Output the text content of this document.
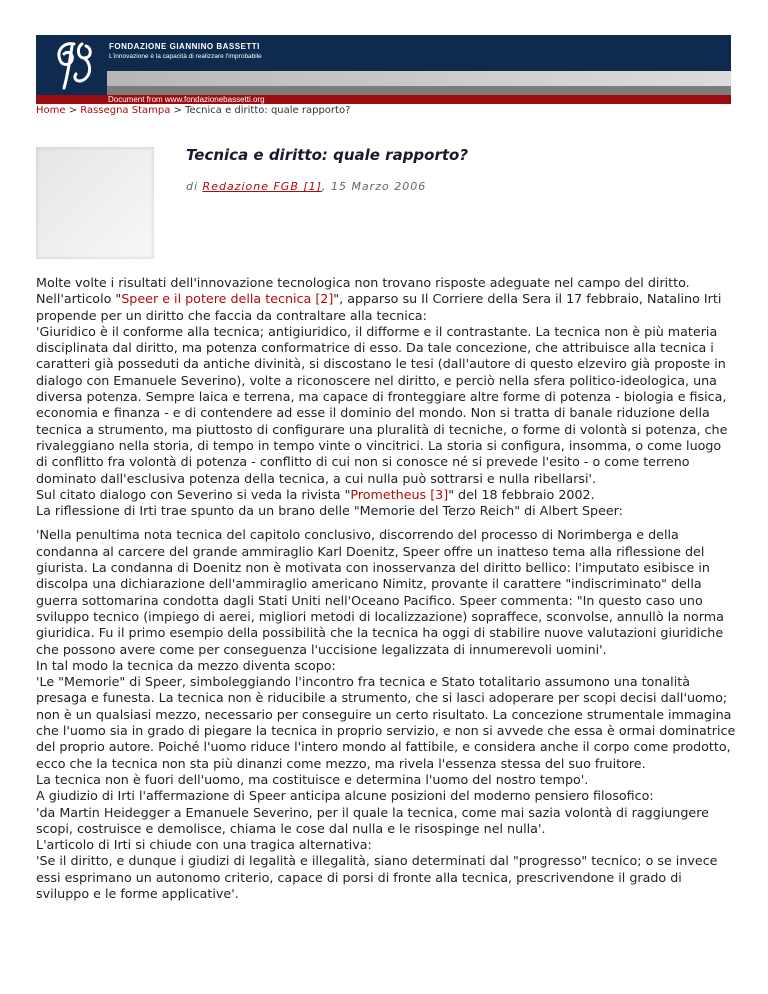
FONDAZIONE GIANNINO BASSETTI
L'innovazione è la capacità di realizzare l'improbabile
Document from www.fondazionebassetti.org
Home > Rassegna Stampa > Tecnica e diritto: quale rapporto?
Tecnica e diritto: quale rapporto?
di Redazione FGB [1], 15 Marzo 2006

Molte volte i risultati dell'innovazione tecnologica non trovano risposte adeguate nel campo del diritto. Nell'articolo "Speer e il potere della tecnica [2]", apparso su Il Corriere della Sera il 17 febbraio, Natalino Irti propende per un diritto che faccia da contraltare alla tecnica:
'Giuridico è il conforme alla tecnica; antigiuridico, il difforme e il contrastante. La tecnica non è più materia disciplinata dal diritto, ma potenza conformatrice di esso. Da tale concezione, che attribuisce alla tecnica i caratteri già posseduti da antiche divinità, si discostano le tesi (dall'autore di questo elzeviro già proposte in dialogo con Emanuele Severino), volte a riconoscere nel diritto, e perciò nella sfera politico-ideologica, una diversa potenza. Sempre laica e terrena, ma capace di fronteggiare altre forme di potenza - biologia e fisica, economia e finanza - e di contendere ad esse il dominio del mondo. Non si tratta di banale riduzione della tecnica a strumento, ma piuttosto di configurare una pluralità di tecniche, o forme di volontà si potenza, che rivaleggiano nella storia, di tempo in tempo vinte o vincitrici. La storia si configura, insomma, o come luogo di conflitto fra volontà di potenza - conflitto di cui non si conosce né si prevede l'esito - o come terreno dominato dall'esclusiva potenza della tecnica, a cui nulla può sottrarsi e nulla ribellarsi'.
Sul citato dialogo con Severino si veda la rivista "Prometheus [3]" del 18 febbraio 2002.
La riflessione di Irti trae spunto da un brano delle "Memorie del Terzo Reich" di Albert Speer:

'Nella penultima nota tecnica del capitolo conclusivo, discorrendo del processo di Norimberga e della condanna al carcere del grande ammiraglio Karl Doenitz, Speer offre un inatteso tema alla riflessione del giurista. La condanna di Doenitz non è motivata con inosservanza del diritto bellico: l'imputato esibisce in discolpa una dichiarazione dell'ammiraglio americano Nimitz, provante il carattere "indiscriminato" della guerra sottomarina condotta dagli Stati Uniti nell'Oceano Pacifico. Speer commenta: "In questo caso uno sviluppo tecnico (impiego di aerei, migliori metodi di localizzazione) sopraffece, sconvolse, annullò la norma giuridica. Fu il primo esempio della possibilità che la tecnica ha oggi di stabilire nuove valutazioni giuridiche che possono avere come per conseguenza l'uccisione legalizzata di innumerevoli uomini'.
In tal modo la tecnica da mezzo diventa scopo:
'Le "Memorie" di Speer, simboleggiando l'incontro fra tecnica e Stato totalitario assumono una tonalità presaga e funesta. La tecnica non è riducibile a strumento, che si lasci adoperare per scopi decisi dall'uomo; non è un qualsiasi mezzo, necessario per conseguire un certo risultato. La concezione strumentale immagina che l'uomo sia in grado di piegare la tecnica in proprio servizio, e non si avvede che essa è ormai dominatrice del proprio autore. Poiché l'uomo riduce l'intero mondo al fattibile, e considera anche il corpo come prodotto, ecco che la tecnica non sta più dinanzi come mezzo, ma rivela l'essenza stessa del suo fruitore.
La tecnica non è fuori dell'uomo, ma costituisce e determina l'uomo del nostro tempo'.
A giudizio di Irti l'affermazione di Speer anticipa alcune posizioni del moderno pensiero filosofico:
'da Martin Heidegger a Emanuele Severino, per il quale la tecnica, come mai sazia volontà di raggiungere scopi, costruisce e demolisce, chiama le cose dal nulla e le risospinge nel nulla'.
L'articolo di Irti si chiude con una tragica alternativa:
'Se il diritto, e dunque i giudizi di legalità e illegalità, siano determinati dal "progresso" tecnico; o se invece essi esprimano un autonomo criterio, capace di porsi di fronte alla tecnica, prescrivendone il grado di sviluppo e le forme applicative'.
